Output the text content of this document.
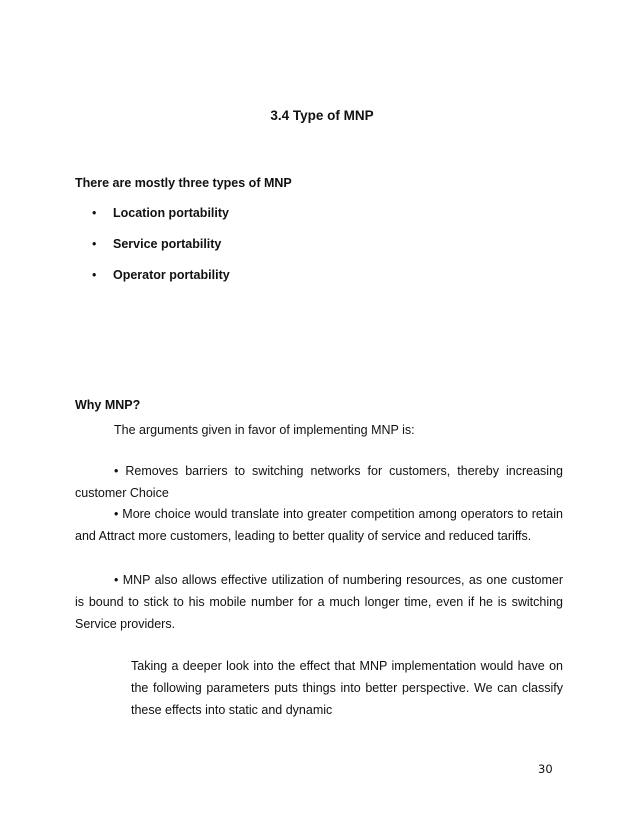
3.4 Type of MNP
There are mostly three types of MNP
• Location portability
• Service portability
• Operator portability
Why MNP?
The arguments given in favor of implementing MNP is:
• Removes barriers to switching networks for customers, thereby increasing
customer Choice
• More choice would translate into greater competition among operators to retain
and Attract more customers, leading to better quality of service and reduced tariffs.
• MNP also allows effective utilization of numbering resources, as one customer
is bound to stick to his mobile number for a much longer time, even if he is switching
Service providers.
Taking a deeper look into the effect that MNP implementation would have on
the following parameters puts things into better perspective. We can classify
these effects into static and dynamic
30
